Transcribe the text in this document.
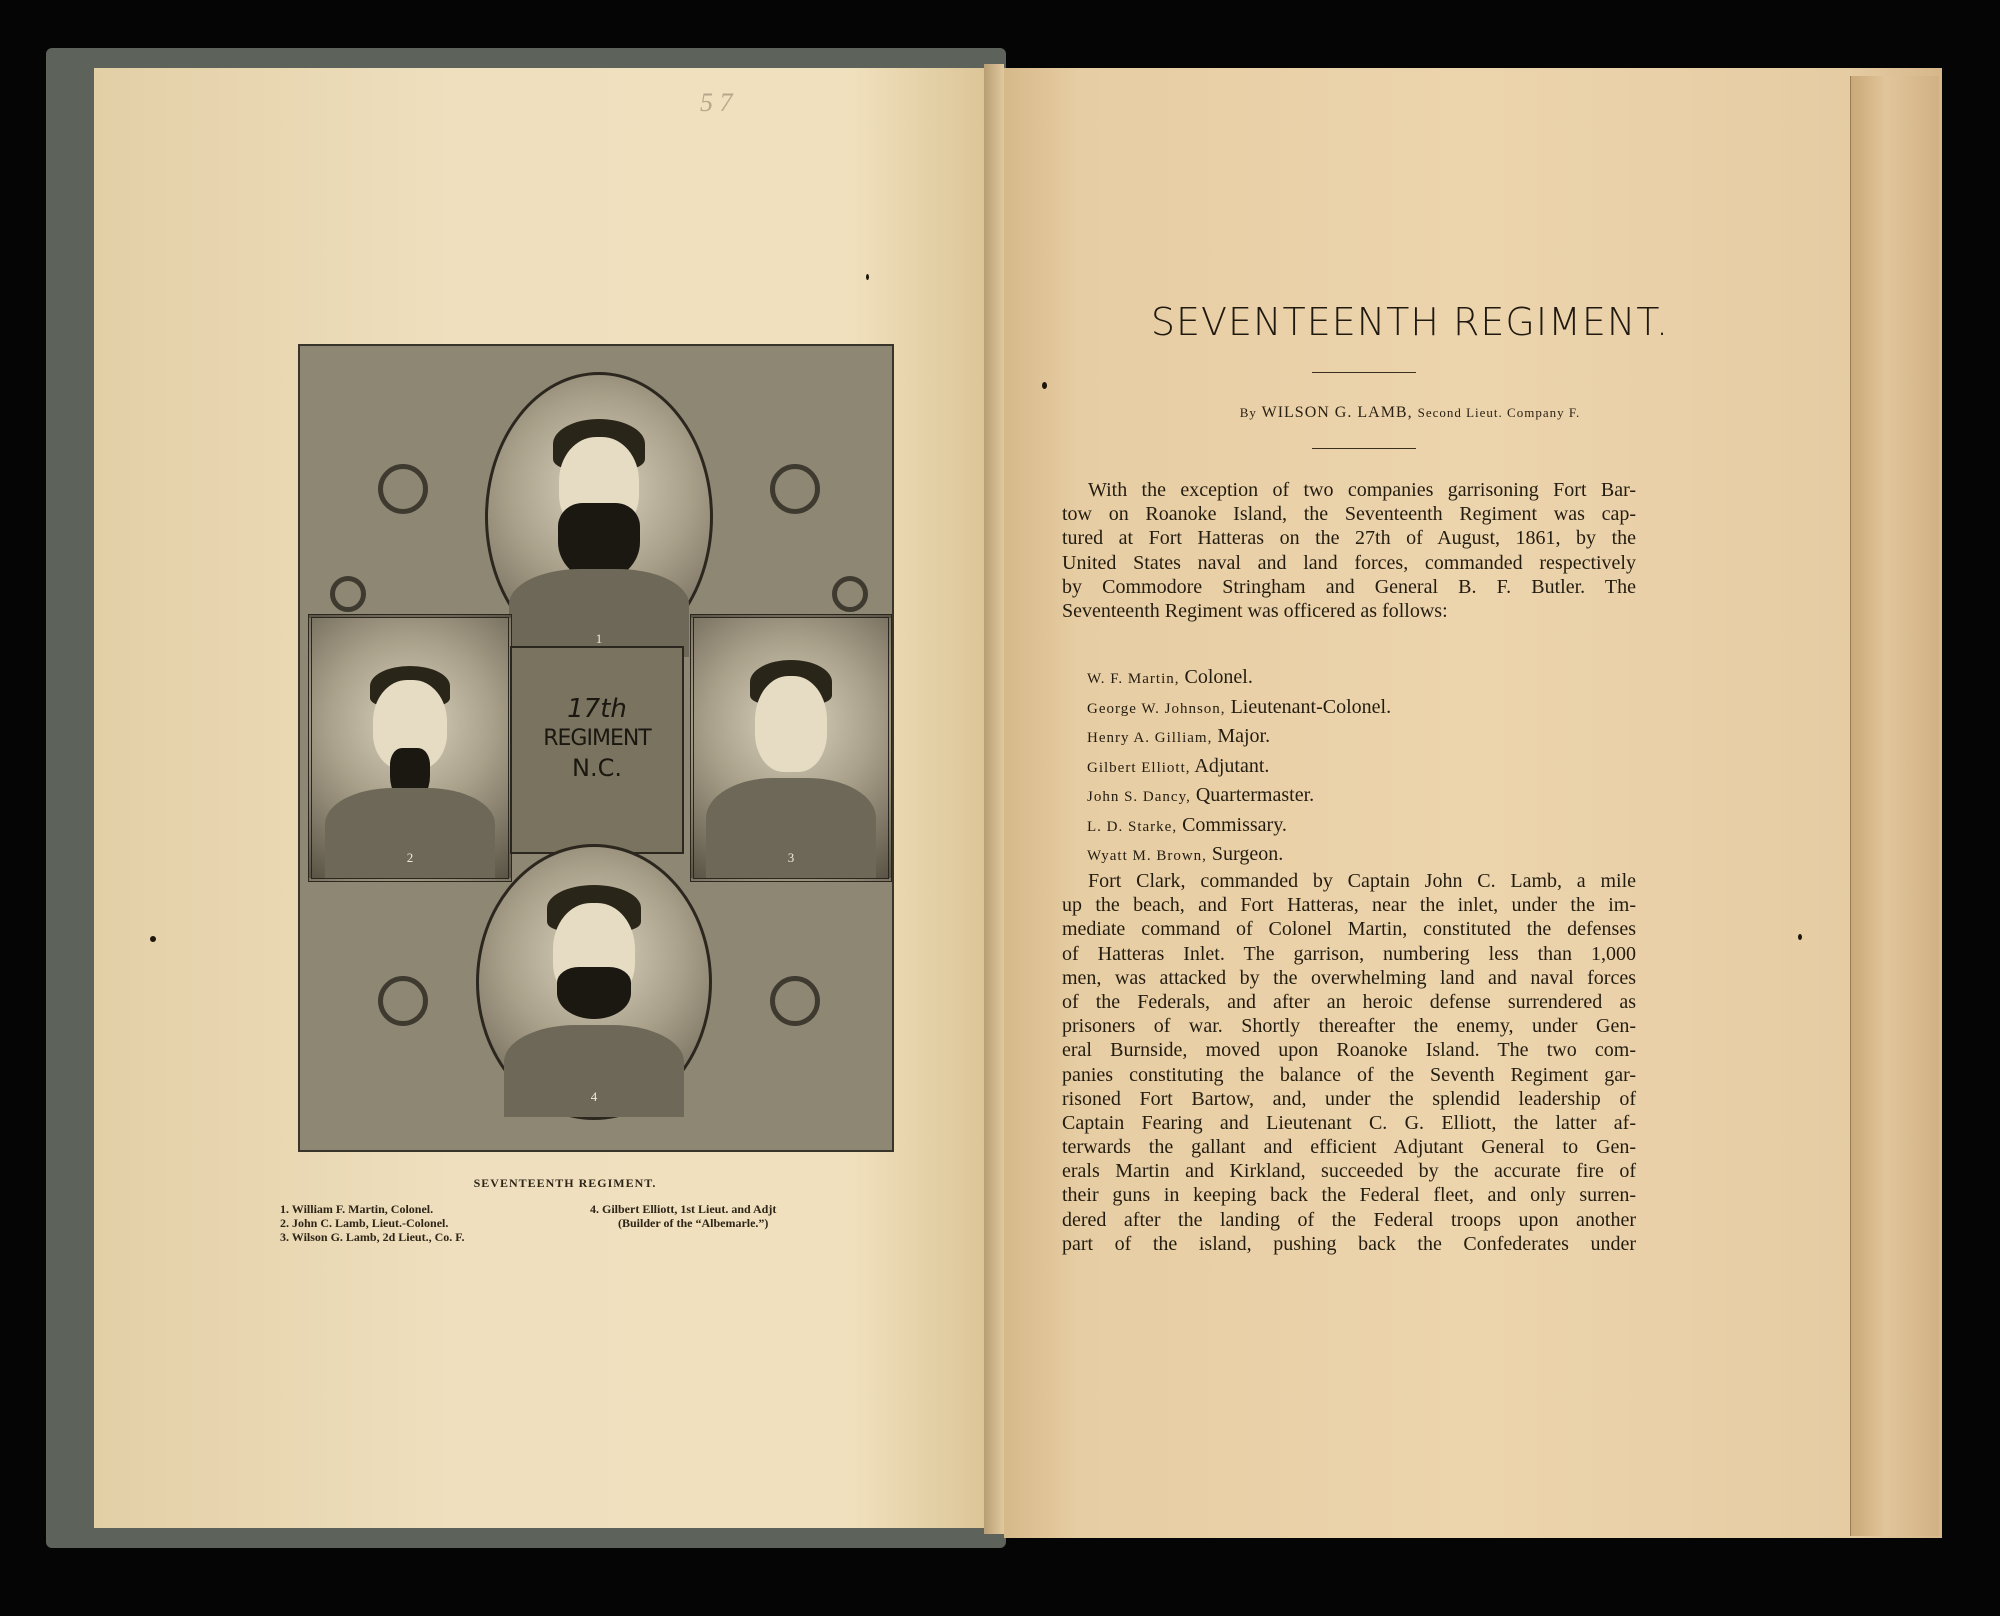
5 7
1
2
17th
REGIMENT
N.C.
3
4
SEVENTEENTH REGIMENT.
1. William F. Martin, Colonel.
2. John C. Lamb, Lieut.-Colonel.
3. Wilson G. Lamb, 2d Lieut., Co. F.
4. Gilbert Elliott, 1st Lieut. and Adjt
(Builder of the “Albemarle.”)
SEVENTEENTH REGIMENT.
By WILSON G. LAMB, Second Lieut. Company F.
With the exception of two companies garrisoning Fort Bar-
tow on Roanoke Island, the Seventeenth Regiment was cap-
tured at Fort Hatteras on the 27th of August, 1861, by the
United States naval and land forces, commanded respectively
by Commodore Stringham and General B. F. Butler. The
Seventeenth Regiment was officered as follows:
W. F. Martin, Colonel.
George W. Johnson, Lieutenant-Colonel.
Henry A. Gilliam, Major.
Gilbert Elliott, Adjutant.
John S. Dancy, Quartermaster.
L. D. Starke, Commissary.
Wyatt M. Brown, Surgeon.
Fort Clark, commanded by Captain John C. Lamb, a mile
up the beach, and Fort Hatteras, near the inlet, under the im-
mediate command of Colonel Martin, constituted the defenses
of Hatteras Inlet. The garrison, numbering less than 1,000
men, was attacked by the overwhelming land and naval forces
of the Federals, and after an heroic defense surrendered as
prisoners of war. Shortly thereafter the enemy, under Gen-
eral Burnside, moved upon Roanoke Island. The two com-
panies constituting the balance of the Seventh Regiment gar-
risoned Fort Bartow, and, under the splendid leadership of
Captain Fearing and Lieutenant C. G. Elliott, the latter af-
terwards the gallant and efficient Adjutant General to Gen-
erals Martin and Kirkland, succeeded by the accurate fire of
their guns in keeping back the Federal fleet, and only surren-
dered after the landing of the Federal troops upon another
part of the island, pushing back the Confederates under
